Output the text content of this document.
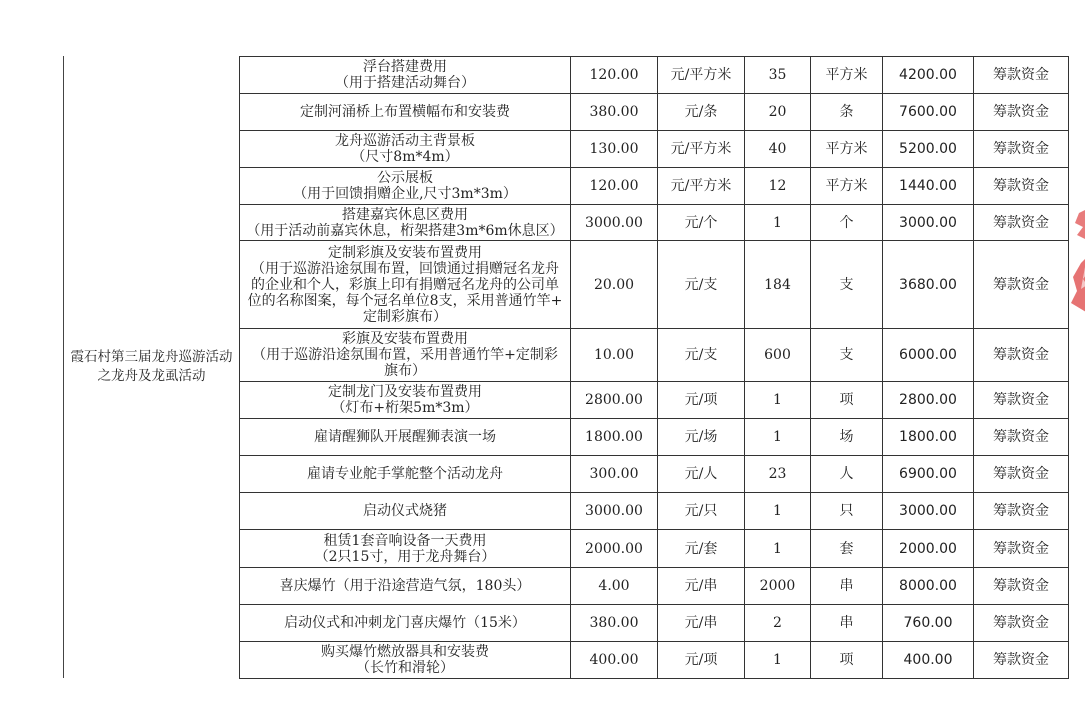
霞石村第三届龙舟巡游活动之龙舟及龙虱活动
浮台搭建费用
（用于搭建活动舞台）	120.00	元/平方米	35	平方米	4200.00	筹款资金

定制河涌桥上布置横幅布和安装费	380.00	元/条	20	条	7600.00	筹款资金

龙舟巡游活动主背景板
（尺寸8m*4m）	130.00	元/平方米	40	平方米	5200.00	筹款资金

公示展板
（用于回馈捐赠企业,尺寸3m*3m）	120.00	元/平方米	12	平方米	1440.00	筹款资金

搭建嘉宾休息区费用
（用于活动前嘉宾休息，桁架搭建3m*6m休息区）	3000.00	元/个	1	个	3000.00	筹款资金

定制彩旗及安装布置费用
（用于巡游沿途氛围布置，回馈通过捐赠冠名龙舟
的企业和个人，彩旗上印有捐赠冠名龙舟的公司单
位的名称图案，每个冠名单位8支，采用普通竹竿+
定制彩旗布）	20.00	元/支	184	支	3680.00	筹款资金

彩旗及安装布置费用
（用于巡游沿途氛围布置，采用普通竹竿+定制彩
旗布）	10.00	元/支	600	支	6000.00	筹款资金

定制龙门及安装布置费用
（灯布+桁架5m*3m）	2800.00	元/项	1	项	2800.00	筹款资金

雇请醒狮队开展醒狮表演一场	1800.00	元/场	1	场	1800.00	筹款资金

雇请专业舵手掌舵整个活动龙舟	300.00	元/人	23	人	6900.00	筹款资金

启动仪式烧猪	3000.00	元/只	1	只	3000.00	筹款资金

租赁1套音响设备一天费用
（2只15寸，用于龙舟舞台）	2000.00	元/套	1	套	2000.00	筹款资金

喜庆爆竹（用于沿途营造气氛，180头）	4.00	元/串	2000	串	8000.00	筹款资金

启动仪式和冲刺龙门喜庆爆竹（15米）	380.00	元/串	2	串	760.00	筹款资金

购买爆竹燃放器具和安装费
（长竹和滑轮）	400.00	元/项	1	项	400.00	筹款资金
